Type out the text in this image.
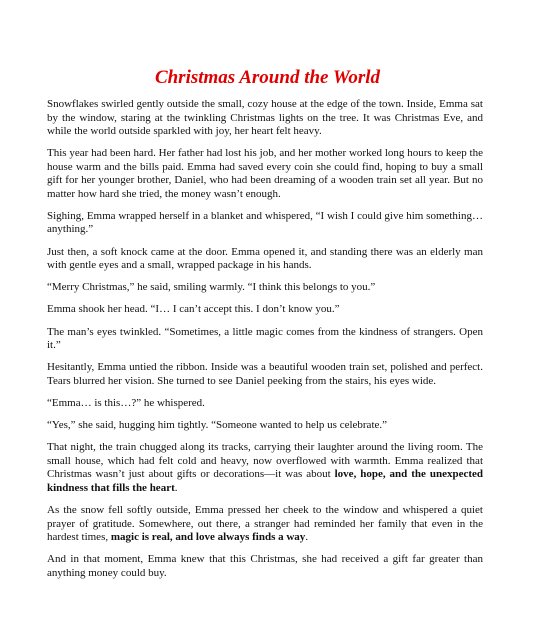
Christmas Around the World

Snowflakes swirled gently outside the small, cozy house at the edge of the town. Inside, Emma sat by the window, staring at the twinkling Christmas lights on the tree. It was Christmas Eve, and while the world outside sparkled with joy, her heart felt heavy.

This year had been hard. Her father had lost his job, and her mother worked long hours to keep the house warm and the bills paid. Emma had saved every coin she could find, hoping to buy a small gift for her younger brother, Daniel, who had been dreaming of a wooden train set all year. But no matter how hard she tried, the money wasn’t enough.

Sighing, Emma wrapped herself in a blanket and whispered, “I wish I could give him something… anything.”

Just then, a soft knock came at the door. Emma opened it, and standing there was an elderly man with gentle eyes and a small, wrapped package in his hands.

“Merry Christmas,” he said, smiling warmly. “I think this belongs to you.”

Emma shook her head. “I… I can’t accept this. I don’t know you.”

The man’s eyes twinkled. “Sometimes, a little magic comes from the kindness of strangers. Open it.”

Hesitantly, Emma untied the ribbon. Inside was a beautiful wooden train set, polished and perfect. Tears blurred her vision. She turned to see Daniel peeking from the stairs, his eyes wide.

“Emma… is this…?” he whispered.

“Yes,” she said, hugging him tightly. “Someone wanted to help us celebrate.”

That night, the train chugged along its tracks, carrying their laughter around the living room. The small house, which had felt cold and heavy, now overflowed with warmth. Emma realized that Christmas wasn’t just about gifts or decorations—it was about love, hope, and the unexpected kindness that fills the heart.

As the snow fell softly outside, Emma pressed her cheek to the window and whispered a quiet prayer of gratitude. Somewhere, out there, a stranger had reminded her family that even in the hardest times, magic is real, and love always finds a way.

And in that moment, Emma knew that this Christmas, she had received a gift far greater than anything money could buy.
